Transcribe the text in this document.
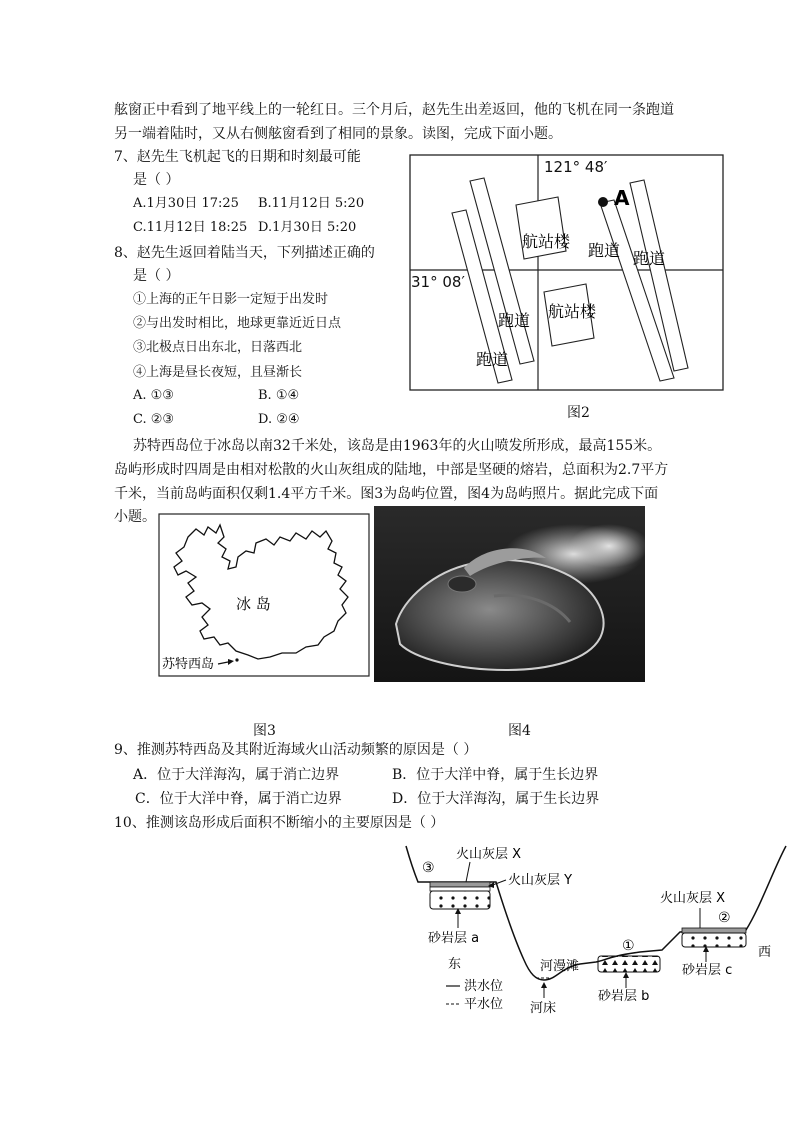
舷窗正中看到了地平线上的一轮红日。三个月后，赵先生出差返回，他的飞机在同一条跑道
另一端着陆时，又从右侧舷窗看到了相同的景象。读图，完成下面小题。
7、赵先生飞机起飞的日期和时刻最可能
是（ ）
A.1月30日 17:25 B.11月12日 5:20
C.11月12日 18:25 D.1月30日 5:20
8、赵先生返回着陆当天，下列描述正确的
是（ ）
①上海的正午日影一定短于出发时
②与出发时相比，地球更靠近近日点
③北极点日出东北，日落西北
④上海是昼长夜短，且昼渐长
A. ①③	B. ①④
C. ②③	D. ②④
121° 48′
31° 08′
航站楼
航站楼
跑道 跑道
跑道
跑道
A
图2
苏特西岛位于冰岛以南32千米处，该岛是由1963年的火山喷发所形成，最高155米。
岛屿形成时四周是由相对松散的火山灰组成的陆地，中部是坚硬的熔岩，总面积为2.7平方
千米，当前岛屿面积仅剩1.4平方千米。图3为岛屿位置，图4为岛屿照片。据此完成下面
小题。
冰 岛
苏特西岛
图3	图4
9、推测苏特西岛及其附近海域火山活动频繁的原因是（ ）
A．位于大洋海沟，属于消亡边界	B．位于大洋中脊，属于生长边界
C．位于大洋中脊，属于消亡边界	D．位于大洋海沟，属于生长边界
10、推测该岛形成后面积不断缩小的主要原因是（ ）
③
火山灰层 X
火山灰层 Y
砂岩层 a
东
洪水位
平水位
河漫滩
河床
①
砂岩层 b
火山灰层 X
②
西
砂岩层 c
